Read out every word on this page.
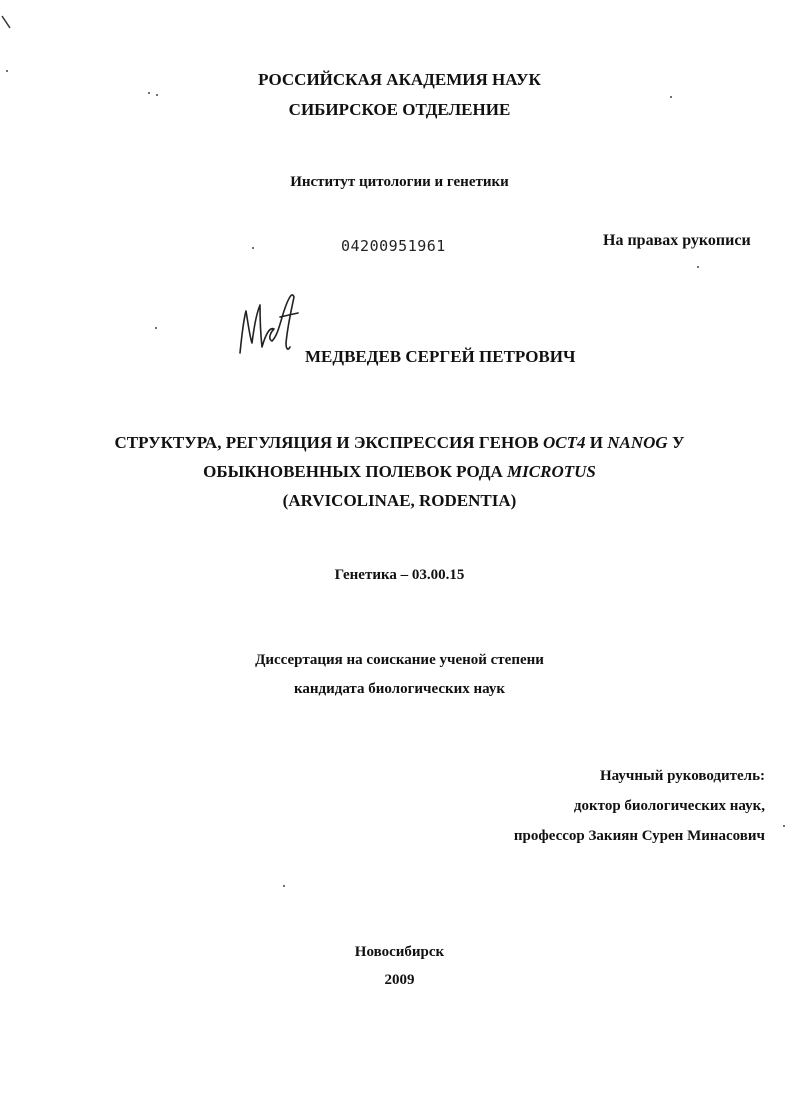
РОССИЙСКАЯ АКАДЕМИЯ НАУК
СИБИРСКОЕ ОТДЕЛЕНИЕ
Институт цитологии и генетики
04200951961	На правах рукописи
МЕДВЕДЕВ СЕРГЕЙ ПЕТРОВИЧ
СТРУКТУРА, РЕГУЛЯЦИЯ И ЭКСПРЕССИЯ ГЕНОВ OCT4 И NANOG У
ОБЫКНОВЕННЫХ ПОЛЕВОК РОДА MICROTUS
(ARVICOLINAE, RODENTIA)
Генетика – 03.00.15
Диссертация на соискание ученой степени
кандидата биологических наук
Научный руководитель:
доктор биологических наук,
профессор Закиян Сурен Минасович
Новосибирск
2009
